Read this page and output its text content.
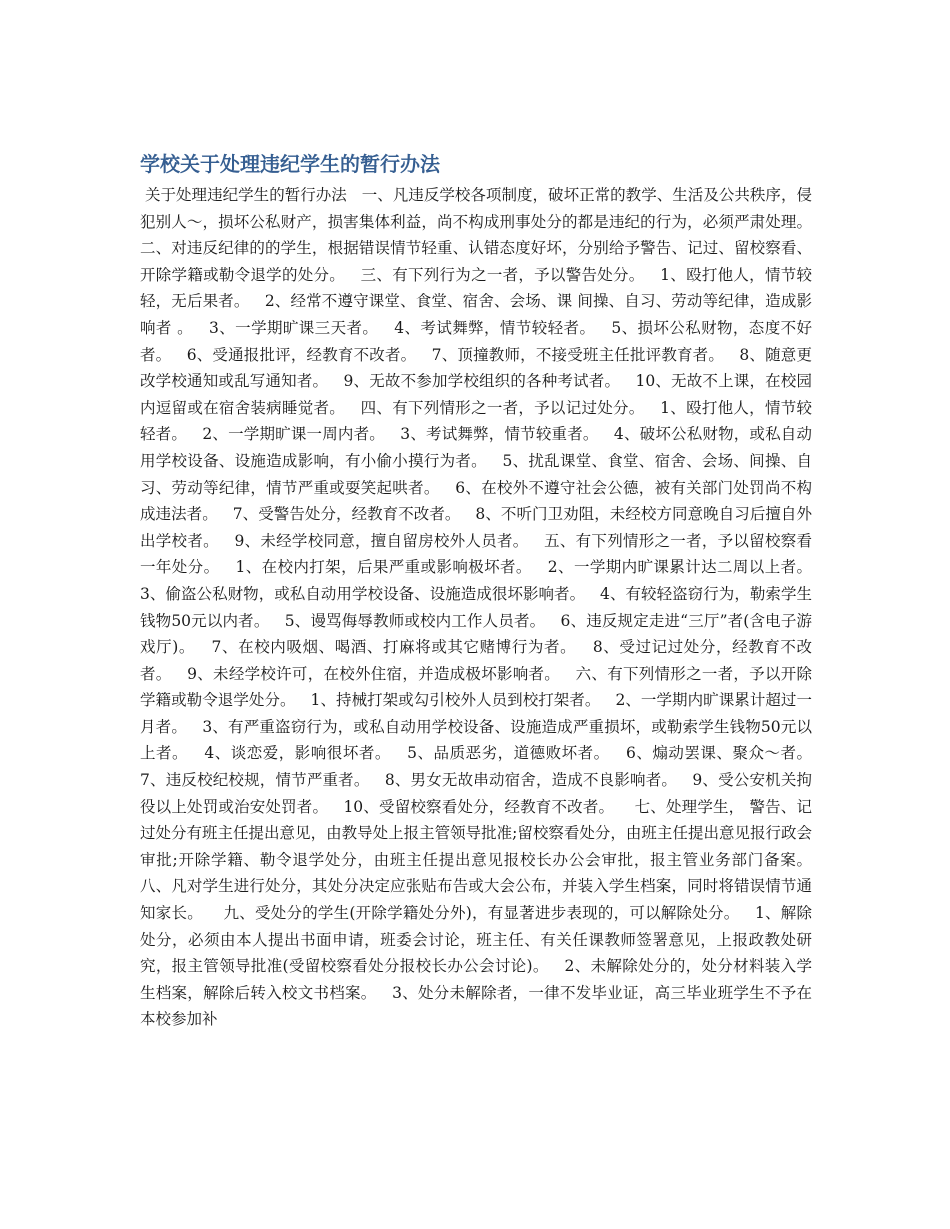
学校关于处理违纪学生的暂行办法

关于处理违纪学生的暂行办法   一、凡违反学校各项制度，破坏正常的教学、生活及公共秩序，侵犯别人～，损坏公私财产，损害集体利益，尚不构成刑事处分的都是违纪的行为，必须严肃处理。   二、对违反纪律的的学生，根据错误情节轻重、认错态度好坏，分别给予警告、记过、留校察看、开除学籍或勒令退学的处分。   三、有下列行为之一者，予以警告处分。   1、殴打他人，情节较轻，无后果者。   2、经常不遵守课堂、食堂、宿舍、会场、课 间操、自习、劳动等纪律，造成影响者 。   3、一学期旷课三天者。   4、考试舞弊，情节较轻者。   5、损坏公私财物，态度不好者。   6、受通报批评，经教育不改者。   7、顶撞教师，不接受班主任批评教育者。   8、随意更改学校通知或乱写通知者。   9、无故不参加学校组织的各种考试者。   10、无故不上课，在校园内逗留或在宿舍装病睡觉者。   四、有下列情形之一者，予以记过处分。   1、殴打他人，情节较轻者。   2、一学期旷课一周内者。   3、考试舞弊，情节较重者。   4、破坏公私财物，或私自动用学校设备、设施造成影响，有小偷小摸行为者。   5、扰乱课堂、食堂、宿舍、会场、间操、自习、劳动等纪律，情节严重或耍笑起哄者。   6、在校外不遵守社会公德，被有关部门处罚尚不构成违法者。   7、受警告处分，经教育不改者。   8、不听门卫劝阻，未经校方同意晚自习后擅自外出学校者。   9、未经学校同意，擅自留房校外人员者。   五、有下列情形之一者，予以留校察看一年处分。   1、在校内打架，后果严重或影响极坏者。   2、一学期内旷课累计达二周以上者。   3、偷盗公私财物，或私自动用学校设备、设施造成很坏影响者。   4、有较轻盗窃行为，勒索学生钱物50元以内者。   5、谩骂侮辱教师或校内工作人员者。   6、违反规定走进“三厅”者(含电子游戏厅)。   7、在校内吸烟、喝酒、打麻将或其它赌博行为者。   8、受过记过处分，经教育不改者。   9、未经学校许可，在校外住宿，并造成极坏影响者。   六、有下列情形之一者，予以开除学籍或勒令退学处分。   1、持械打架或勾引校外人员到校打架者。   2、一学期内旷课累计超过一月者。   3、有严重盗窃行为，或私自动用学校设备、设施造成严重损坏，或勒索学生钱物50元以上者。   4、谈恋爱，影响很坏者。   5、品质恶劣，道德败坏者。   6、煽动罢课、聚众～者。   7、违反校纪校规，情节严重者。   8、男女无故串动宿舍，造成不良影响者。   9、受公安机关拘役以上处罚或治安处罚者。   10、受留校察看处分，经教育不改者。    七、处理学生， 警告、记过处分有班主任提出意见，由教导处上报主管领导批准;留校察看处分，由班主任提出意见报行政会审批;开除学籍、勒令退学处分，由班主任提出意见报校长办公会审批，报主管业务部门备案。    八、凡对学生进行处分，其处分决定应张贴布告或大会公布，并装入学生档案，同时将错误情节通知家长。    九、受处分的学生(开除学籍处分外)，有显著进步表现的，可以解除处分。   1、解除处分，必须由本人提出书面申请，班委会讨论，班主任、有关任课教师签署意见，上报政教处研究，报主管领导批准(受留校察看处分报校长办公会讨论)。   2、未解除处分的，处分材料装入学生档案，解除后转入校文书档案。   3、处分未解除者，一律不发毕业证，高三毕业班学生不予在本校参加补
